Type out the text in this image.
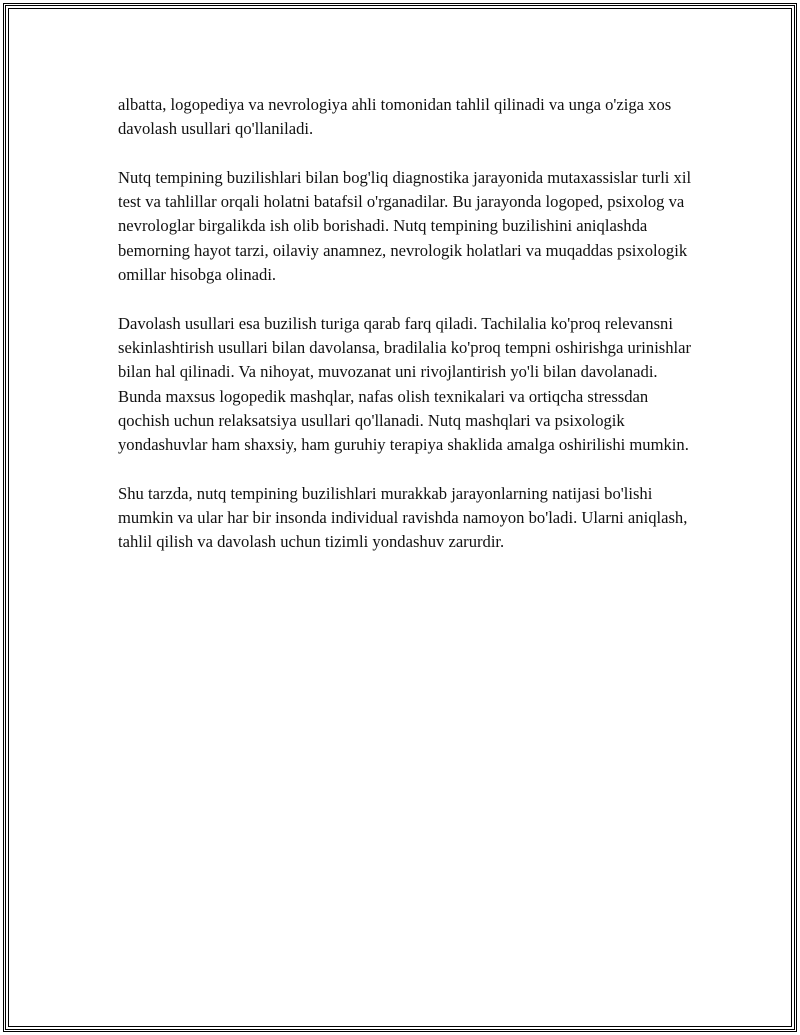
albatta, logopediya va nevrologiya ahli tomonidan tahlil qilinadi va unga o'ziga xos davolash usullari qo'llaniladi.

Nutq tempining buzilishlari bilan bog'liq diagnostika jarayonida mutaxassislar turli xil test va tahlillar orqali holatni batafsil o'rganadilar. Bu jarayonda logoped, psixolog va nevrologlar birgalikda ish olib borishadi. Nutq tempining buzilishini aniqlashda bemorning hayot tarzi, oilaviy anamnez, nevrologik holatlari va muqaddas psixologik omillar hisobga olinadi.

Davolash usullari esa buzilish turiga qarab farq qiladi. Tachilalia ko'proq relevansni sekinlashtirish usullari bilan davolansa, bradilalia ko'proq tempni oshirishga urinishlar bilan hal qilinadi. Va nihoyat, muvozanat uni rivojlantirish yo'li bilan davolanadi. Bunda maxsus logopedik mashqlar, nafas olish texnikalari va ortiqcha stressdan qochish uchun relaksatsiya usullari qo'llanadi. Nutq mashqlari va psixologik yondashuvlar ham shaxsiy, ham guruhiy terapiya shaklida amalga oshirilishi mumkin.

Shu tarzda, nutq tempining buzilishlari murakkab jarayonlarning natijasi bo'lishi mumkin va ular har bir insonda individual ravishda namoyon bo'ladi. Ularni aniqlash, tahlil qilish va davolash uchun tizimli yondashuv zarurdir.
